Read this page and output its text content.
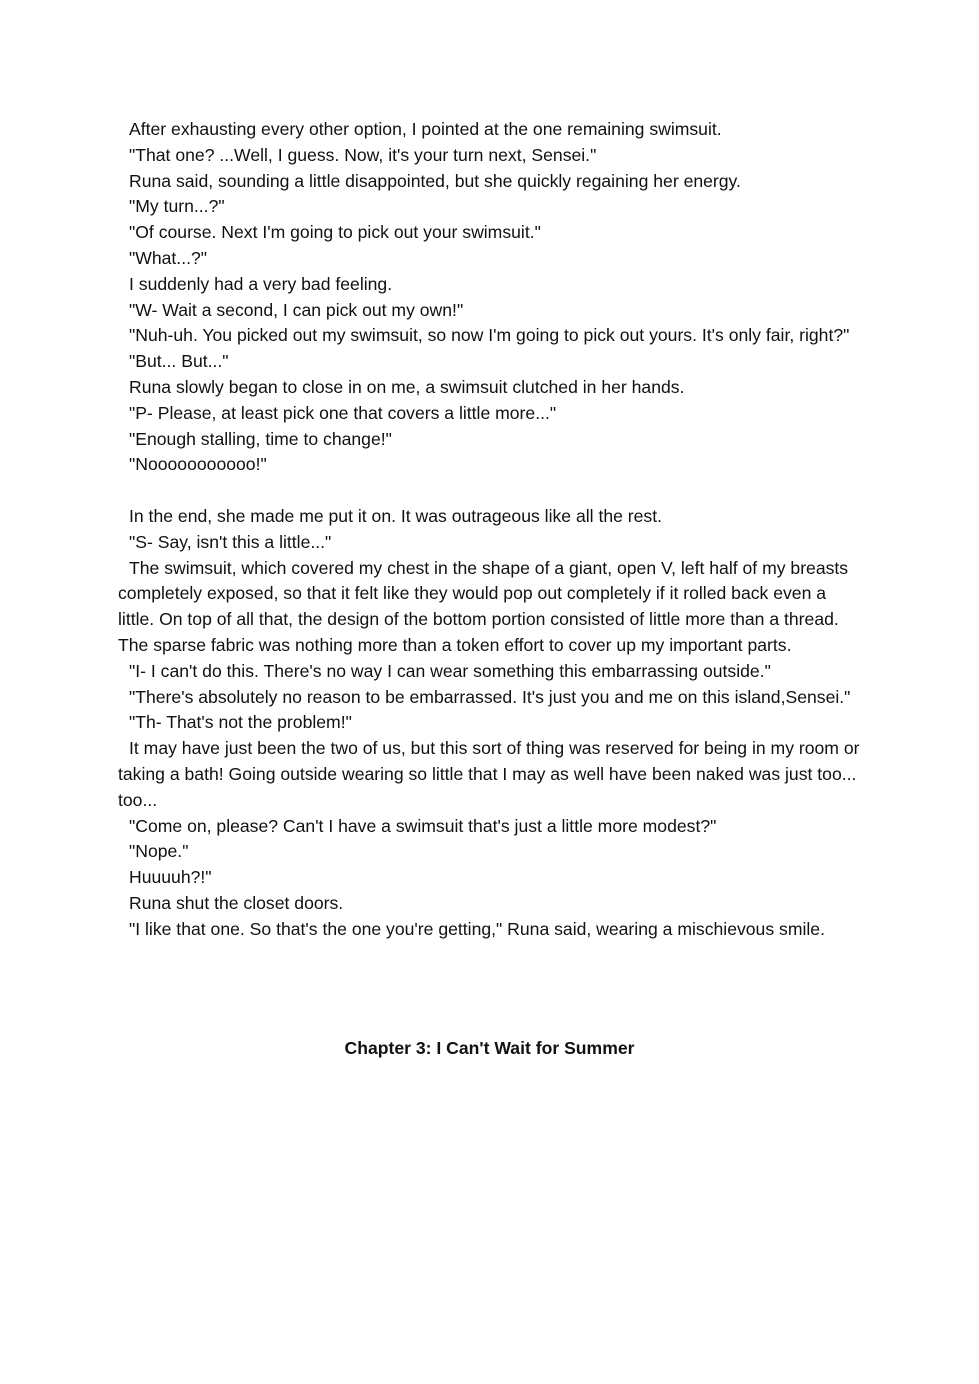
After exhausting every other option, I pointed at the one remaining swimsuit.

"That one? ...Well, I guess. Now, it's your turn next, Sensei."

Runa said, sounding a little disappointed, but she quickly regaining her energy.

"My turn...?"

"Of course. Next I'm going to pick out your swimsuit."

"What...?"

I suddenly had a very bad feeling.

"W- Wait a second, I can pick out my own!"

"Nuh-uh. You picked out my swimsuit, so now I'm going to pick out yours. It's only fair, right?"

"But... But..."

Runa slowly began to close in on me, a swimsuit clutched in her hands.

"P- Please, at least pick one that covers a little more..."

"Enough stalling, time to change!"

"Nooooooooooo!"

In the end, she made me put it on. It was outrageous like all the rest.

"S- Say, isn't this a little..."

The swimsuit, which covered my chest in the shape of a giant, open V, left half of my breasts completely exposed, so that it felt like they would pop out completely if it rolled back even a little. On top of all that, the design of the bottom portion consisted of little more than a thread. The sparse fabric was nothing more than a token effort to cover up my important parts.

"I- I can't do this. There's no way I can wear something this embarrassing outside."

"There's absolutely no reason to be embarrassed. It's just you and me on this island,Sensei."

"Th- That's not the problem!"

It may have just been the two of us, but this sort of thing was reserved for being in my room or taking a bath! Going outside wearing so little that I may as well have been naked was just too... too...

"Come on, please? Can't I have a swimsuit that's just a little more modest?"

"Nope."

Huuuuh?!"

Runa shut the closet doors.

"I like that one. So that's the one you're getting," Runa said, wearing a mischievous smile.

Chapter 3: I Can't Wait for Summer
